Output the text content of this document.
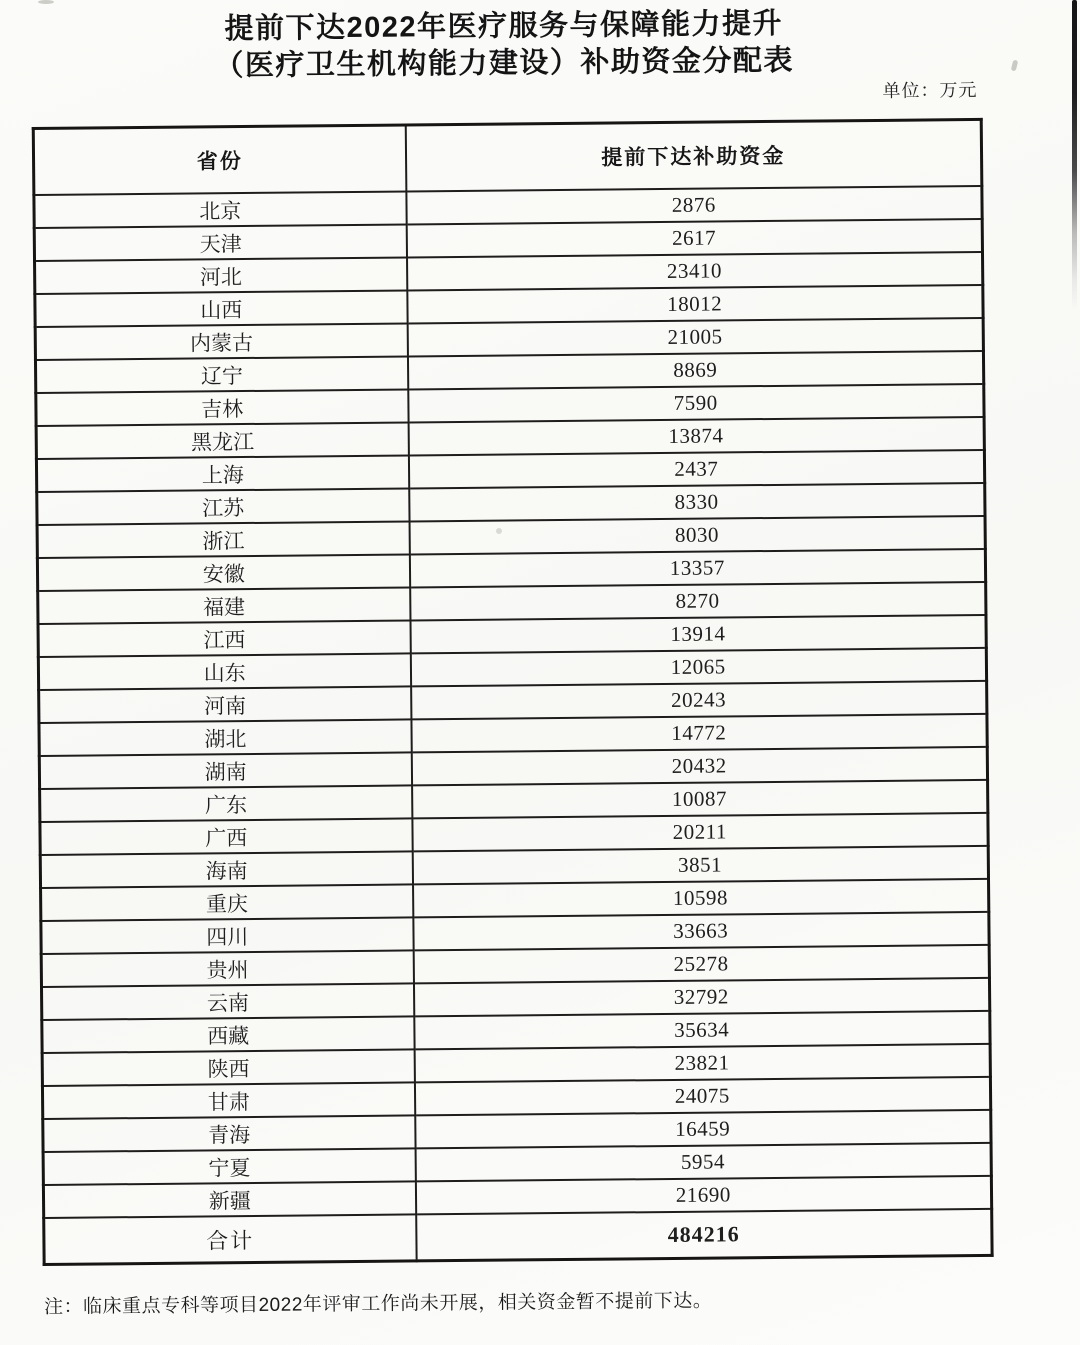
提前下达2022年医疗服务与保障能力提升
（医疗卫生机构能力建设）补助资金分配表
单位：万元
省份	提前下达补助资金
北京	2876
天津	2617
河北	23410
山西	18012
内蒙古	21005
辽宁	8869
吉林	7590
黑龙江	13874
上海	2437
江苏	8330
浙江	8030
安徽	13357
福建	8270
江西	13914
山东	12065
河南	20243
湖北	14772
湖南	20432
广东	10087
广西	20211
海南	3851
重庆	10598
四川	33663
贵州	25278
云南	32792
西藏	35634
陕西	23821
甘肃	24075
青海	16459
宁夏	5954
新疆	21690
合计	484216
注：临床重点专科等项目2022年评审工作尚未开展，相关资金暂不提前下达。
